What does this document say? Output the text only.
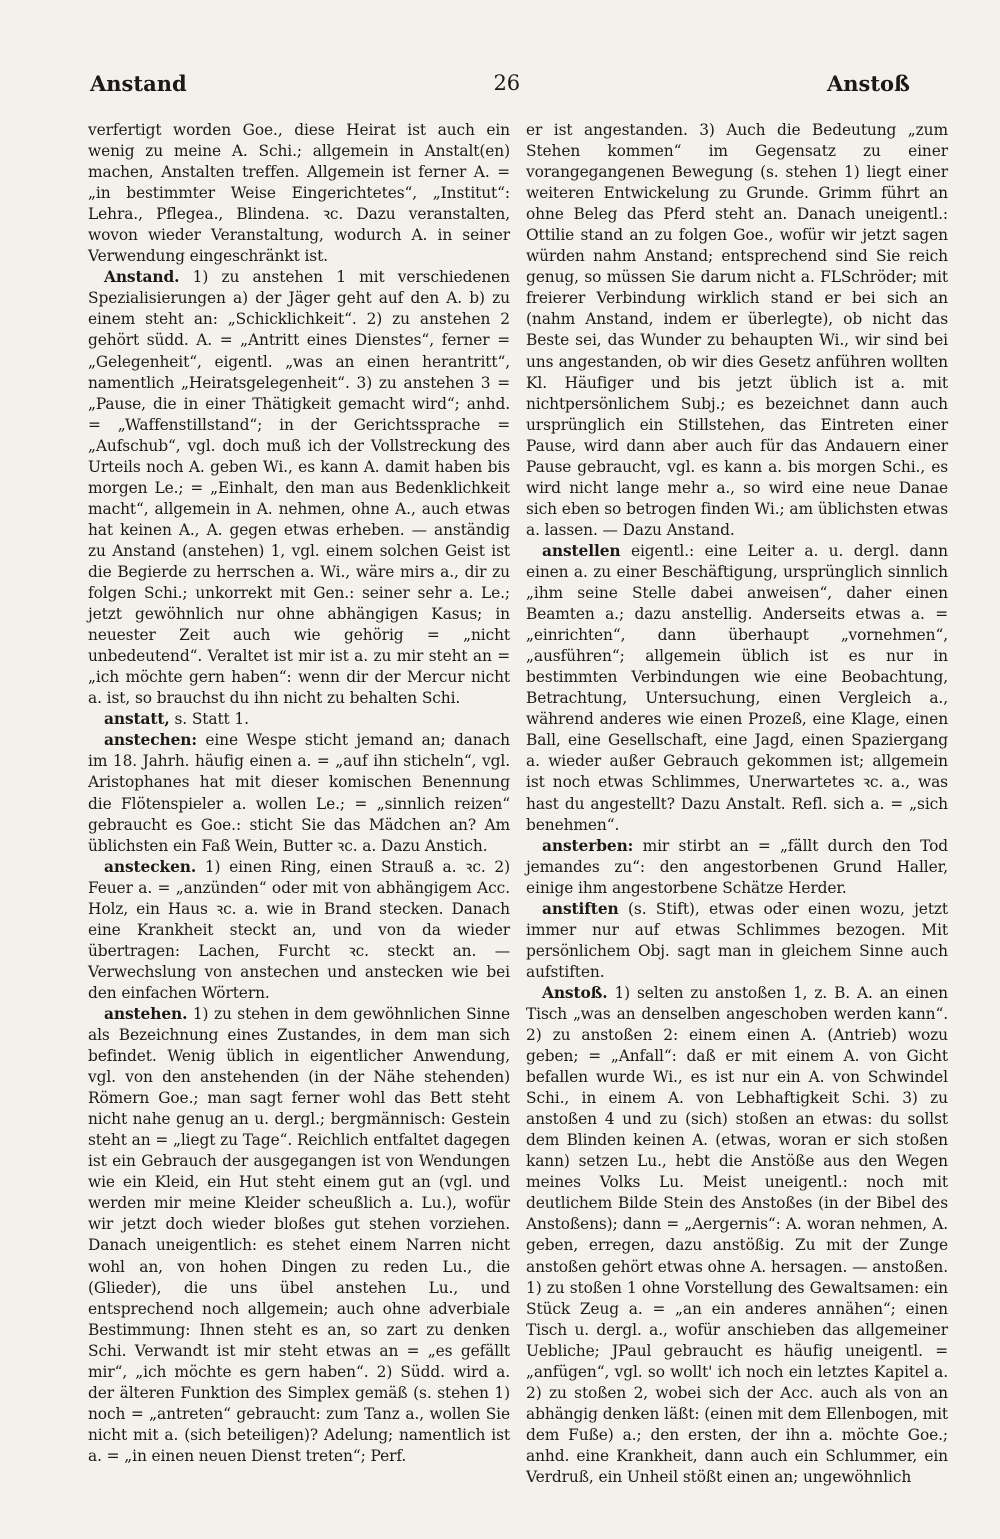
Anstand	26	Anstoß

verfertigt worden Goe., diese Heirat ist auch ein wenig zu meine A. Schi.; allgemein in Anstalt(en) machen, Anstalten treffen. Allgemein ist ferner A. = „in bestimmter Weise Eingerichtetes“, „Institut“: Lehra., Pflegea., Blindena. ꝛc. Dazu veranstalten, wovon wieder Veranstaltung, wodurch A. in seiner Verwendung eingeschränkt ist.

Anstand. 1) zu anstehen 1 mit verschiedenen Spezialisierungen a) der Jäger geht auf den A. b) zu einem steht an: „Schicklichkeit“. 2) zu anstehen 2 gehört südd. A. = „Antritt eines Dienstes“, ferner = „Gelegenheit“, eigentl. „was an einen herantritt“, namentlich „Heiratsgelegenheit“. 3) zu anstehen 3 = „Pause, die in einer Thätigkeit gemacht wird“; anhd. = „Waffenstillstand“; in der Gerichtssprache = „Aufschub“, vgl. doch muß ich der Vollstreckung des Urteils noch A. geben Wi., es kann A. damit haben bis morgen Le.; = „Einhalt, den man aus Bedenklichkeit macht“, allgemein in A. nehmen, ohne A., auch etwas hat keinen A., A. gegen etwas erheben. — anständig zu Anstand (anstehen) 1, vgl. einem solchen Geist ist die Begierde zu herrschen a. Wi., wäre mirs a., dir zu folgen Schi.; unkorrekt mit Gen.: seiner sehr a. Le.; jetzt gewöhnlich nur ohne abhängigen Kasus; in neuester Zeit auch wie gehörig = „nicht unbedeutend“. Veraltet ist mir ist a. zu mir steht an = „ich möchte gern haben“: wenn dir der Mercur nicht a. ist, so brauchst du ihn nicht zu behalten Schi.

anstatt, s. Statt 1.

anstechen: eine Wespe sticht jemand an; danach im 18. Jahrh. häufig einen a. = „auf ihn sticheln“, vgl. Aristophanes hat mit dieser komischen Benennung die Flötenspieler a. wollen Le.; = „sinnlich reizen“ gebraucht es Goe.: sticht Sie das Mädchen an? Am üblichsten ein Faß Wein, Butter ꝛc. a. Dazu Anstich.

anstecken. 1) einen Ring, einen Strauß a. ꝛc. 2) Feuer a. = „anzünden“ oder mit von abhängigem Acc. Holz, ein Haus ꝛc. a. wie in Brand stecken. Danach eine Krankheit steckt an, und von da wieder übertragen: Lachen, Furcht ꝛc. steckt an. — Verwechslung von anstechen und anstecken wie bei den einfachen Wörtern.

anstehen. 1) zu stehen in dem gewöhnlichen Sinne als Bezeichnung eines Zustandes, in dem man sich befindet. Wenig üblich in eigentlicher Anwendung, vgl. von den anstehenden (in der Nähe stehenden) Römern Goe.; man sagt ferner wohl das Bett steht nicht nahe genug an u. dergl.; bergmännisch: Gestein steht an = „liegt zu Tage“. Reichlich entfaltet dagegen ist ein Gebrauch der ausgegangen ist von Wendungen wie ein Kleid, ein Hut steht einem gut an (vgl. und werden mir meine Kleider scheußlich a. Lu.), wofür wir jetzt doch wieder bloßes gut stehen vorziehen. Danach uneigentlich: es stehet einem Narren nicht wohl an, von hohen Dingen zu reden Lu., die (Glieder), die uns übel anstehen Lu., und entsprechend noch allgemein; auch ohne adverbiale Bestimmung: Ihnen steht es an, so zart zu denken Schi. Verwandt ist mir steht etwas an = „es gefällt mir“, „ich möchte es gern haben“. 2) Südd. wird a. der älteren Funktion des Simplex gemäß (s. stehen 1) noch = „antreten“ gebraucht: zum Tanz a., wollen Sie nicht mit a. (sich beteiligen)? Adelung; namentlich ist a. = „in einen neuen Dienst treten“; Perf.

er ist angestanden. 3) Auch die Bedeutung „zum Stehen kommen“ im Gegensatz zu einer vorangegangenen Bewegung (s. stehen 1) liegt einer weiteren Entwickelung zu Grunde. Grimm führt an ohne Beleg das Pferd steht an. Danach uneigentl.: Ottilie stand an zu folgen Goe., wofür wir jetzt sagen würden nahm Anstand; entsprechend sind Sie reich genug, so müssen Sie darum nicht a. FLSchröder; mit freierer Verbindung wirklich stand er bei sich an (nahm Anstand, indem er überlegte), ob nicht das Beste sei, das Wunder zu behaupten Wi., wir sind bei uns angestanden, ob wir dies Gesetz anführen wollten Kl. Häufiger und bis jetzt üblich ist a. mit nichtpersönlichem Subj.; es bezeichnet dann auch ursprünglich ein Stillstehen, das Eintreten einer Pause, wird dann aber auch für das Andauern einer Pause gebraucht, vgl. es kann a. bis morgen Schi., es wird nicht lange mehr a., so wird eine neue Danae sich eben so betrogen finden Wi.; am üblichsten etwas a. lassen. — Dazu Anstand.

anstellen eigentl.: eine Leiter a. u. dergl. dann einen a. zu einer Beschäftigung, ursprünglich sinnlich „ihm seine Stelle dabei anweisen“, daher einen Beamten a.; dazu anstellig. Anderseits etwas a. = „einrichten“, dann überhaupt „vornehmen“, „ausführen“; allgemein üblich ist es nur in bestimmten Verbindungen wie eine Beobachtung, Betrachtung, Untersuchung, einen Vergleich a., während anderes wie einen Prozeß, eine Klage, einen Ball, eine Gesellschaft, eine Jagd, einen Spaziergang a. wieder außer Gebrauch gekommen ist; allgemein ist noch etwas Schlimmes, Unerwartetes ꝛc. a., was hast du angestellt? Dazu Anstalt. Refl. sich a. = „sich benehmen“.

ansterben: mir stirbt an = „fällt durch den Tod jemandes zu“: den angestorbenen Grund Haller, einige ihm angestorbene Schätze Herder.

anstiften (s. Stift), etwas oder einen wozu, jetzt immer nur auf etwas Schlimmes bezogen. Mit persönlichem Obj. sagt man in gleichem Sinne auch aufstiften.

Anstoß. 1) selten zu anstoßen 1, z. B. A. an einen Tisch „was an denselben angeschoben werden kann“. 2) zu anstoßen 2: einem einen A. (Antrieb) wozu geben; = „Anfall“: daß er mit einem A. von Gicht befallen wurde Wi., es ist nur ein A. von Schwindel Schi., in einem A. von Lebhaftigkeit Schi. 3) zu anstoßen 4 und zu (sich) stoßen an etwas: du sollst dem Blinden keinen A. (etwas, woran er sich stoßen kann) setzen Lu., hebt die Anstöße aus den Wegen meines Volks Lu. Meist uneigentl.: noch mit deutlichem Bilde Stein des Anstoßes (in der Bibel des Anstoßens); dann = „Aergernis“: A. woran nehmen, A. geben, erregen, dazu anstößig. Zu mit der Zunge anstoßen gehört etwas ohne A. hersagen. — anstoßen. 1) zu stoßen 1 ohne Vorstellung des Gewaltsamen: ein Stück Zeug a. = „an ein anderes annähen“; einen Tisch u. dergl. a., wofür anschieben das allgemeiner Uebliche; JPaul gebraucht es häufig uneigentl. = „anfügen“, vgl. so wollt' ich noch ein letztes Kapitel a. 2) zu stoßen 2, wobei sich der Acc. auch als von an abhängig denken läßt: (einen mit dem Ellenbogen, mit dem Fuße) a.; den ersten, der ihn a. möchte Goe.; anhd. eine Krankheit, dann auch ein Schlummer, ein Verdruß, ein Unheil stößt einen an; ungewöhnlich
